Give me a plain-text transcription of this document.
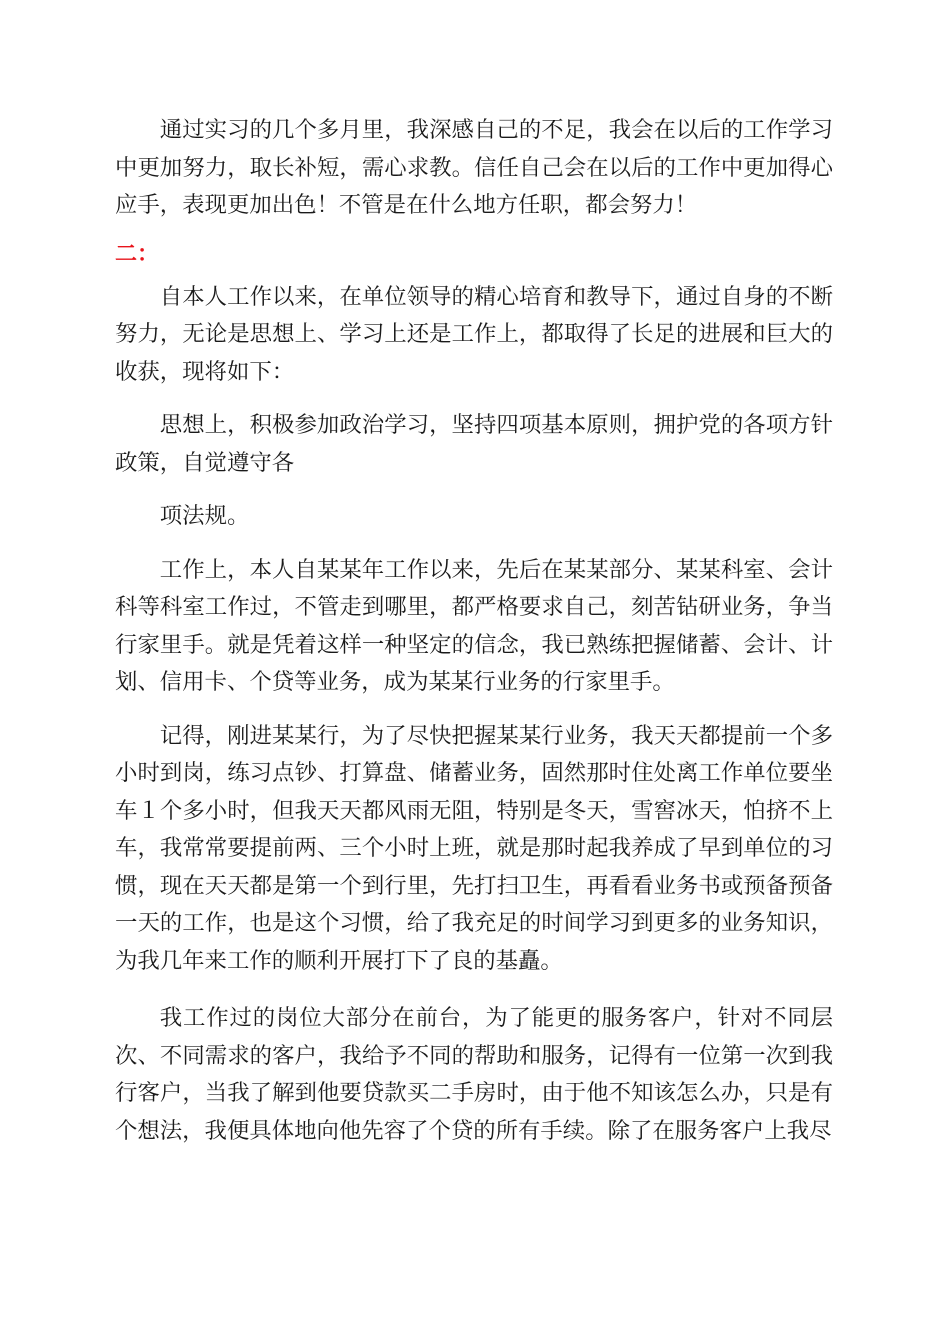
通过实习的几个多月里，我深感自己的不足，我会在以后的工作学习中更加努力，取长补短，需心求教。信任自己会在以后的工作中更加得心应手，表现更加出色！不管是在什么地方任职，都会努力！

二：

自本人工作以来，在单位领导的精心培育和教导下，通过自身的不断努力，无论是思想上、学习上还是工作上，都取得了长足的进展和巨大的收获，现将如下：

思想上，积极参加政治学习，坚持四项基本原则，拥护党的各项方针政策，自觉遵守各

项法规。

工作上，本人自某某年工作以来，先后在某某部分、某某科室、会计科等科室工作过，不管走到哪里，都严格要求自己，刻苦钻研业务，争当行家里手。就是凭着这样一种坚定的信念，我已熟练把握储蓄、会计、计划、信用卡、个贷等业务，成为某某行业务的行家里手。

记得，刚进某某行，为了尽快把握某某行业务，我天天都提前一个多小时到岗，练习点钞、打算盘、储蓄业务，固然那时住处离工作单位要坐车１个多小时，但我天天都风雨无阻，特别是冬天，雪窖冰天，怕挤不上车，我常常要提前两、三个小时上班，就是那时起我养成了早到单位的习惯，现在天天都是第一个到行里，先打扫卫生，再看看业务书或预备预备一天的工作，也是这个习惯，给了我充足的时间学习到更多的业务知识，为我几年来工作的顺利开展打下了良的基矗。

我工作过的岗位大部分在前台，为了能更的服务客户，针对不同层次、不同需求的客户，我给予不同的帮助和服务，记得有一位第一次到我行客户，当我了解到他要贷款买二手房时，由于他不知该怎么办，只是有个想法，我便具体地向他先容了个贷的所有手续。除了在服务客户上我尽
